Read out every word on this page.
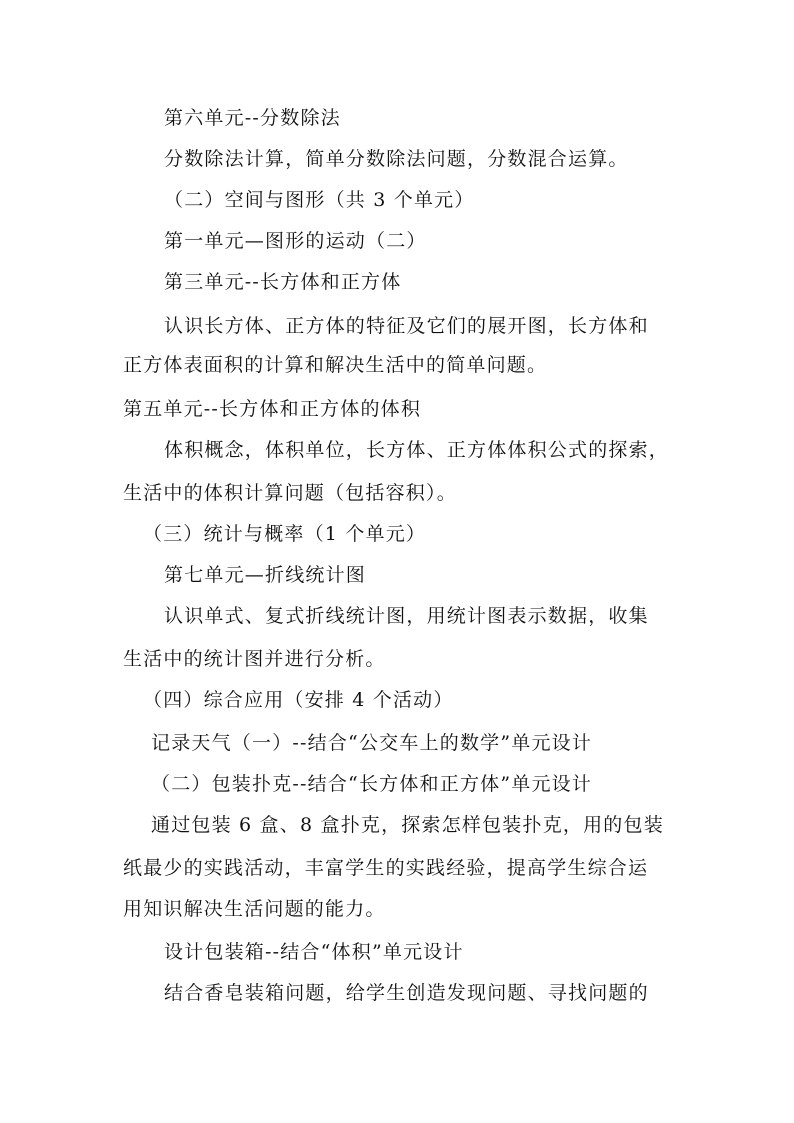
第六单元--分数除法
分数除法计算，简单分数除法问题，分数混合运算。
（二）空间与图形（共 3 个单元）
第一单元—图形的运动（二）
第三单元--长方体和正方体
认识长方体、正方体的特征及它们的展开图，长方体和
正方体表面积的计算和解决生活中的简单问题。
第五单元--长方体和正方体的体积
体积概念，体积单位，长方体、正方体体积公式的探索，
生活中的体积计算问题（包括容积）。
（三）统计与概率（1 个单元）
第七单元—折线统计图
认识单式、复式折线统计图，用统计图表示数据，收集
生活中的统计图并进行分析。
（四）综合应用（安排 4 个活动）
记录天气（一）--结合“公交车上的数学”单元设计
（二）包装扑克--结合“长方体和正方体”单元设计
通过包装 6 盒、8 盒扑克，探索怎样包装扑克，用的包装
纸最少的实践活动，丰富学生的实践经验，提高学生综合运
用知识解决生活问题的能力。
设计包装箱--结合“体积”单元设计
结合香皂装箱问题，给学生创造发现问题、寻找问题的
